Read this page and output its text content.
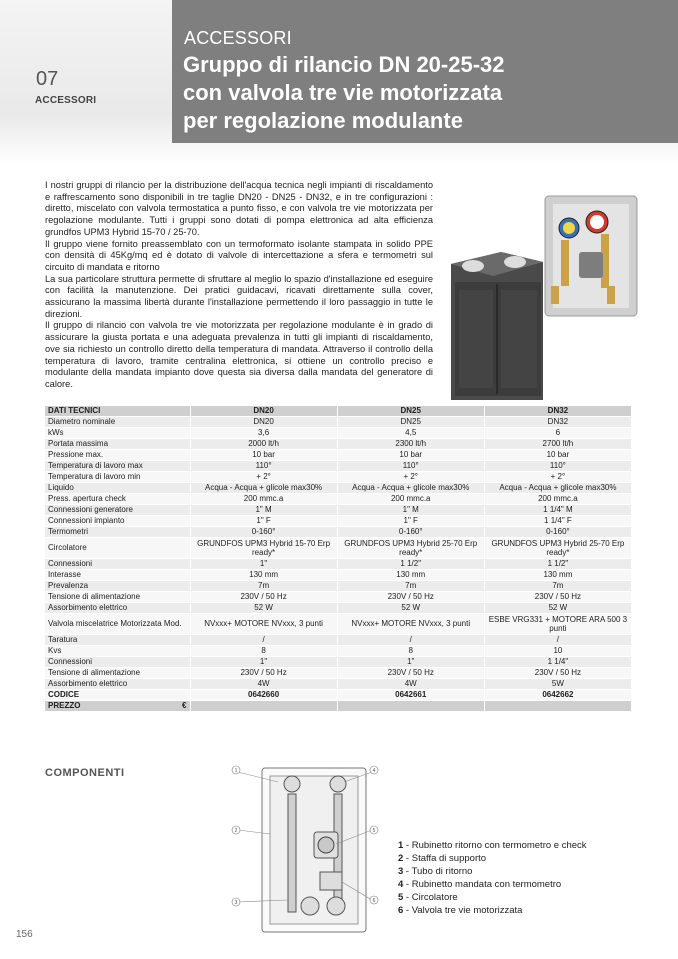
07
ACCESSORI
ACCESSORI
Gruppo di rilancio DN 20-25-32
con valvola tre vie motorizzata
per regolazione modulante

I nostri gruppi di rilancio per la distribuzione dell'acqua tecnica negli impianti di riscaldamento e raffrescamento sono disponibili in tre taglie DN20 - DN25 - DN32, e in tre configurazioni : diretto, miscelato con valvola termostatica a punto fisso, e con valvola tre vie motorizzata per regolazione modulante. Tutti i gruppi sono dotati di pompa elettronica ad alta efficienza grundfos UPM3 Hybrid 15-70 / 25-70.

Il gruppo viene fornito preassemblato con un termoformato isolante stampata in solido PPE con densità di 45Kg/mq ed è dotato di valvole di intercettazione a sfera e termometri sul circuito di mandata e ritorno

La sua particolare struttura permette di sfruttare al meglio lo spazio d'installazione ed eseguire con facilità la manutenzione. Dei pratici guidacavi, ricavati direttamente sulla cover, assicurano la massima libertà durante l'installazione permettendo il loro passaggio in tutte le direzioni.

Il gruppo di rilancio con valvola tre vie motorizzata per regolazione modulante è in grado di assicurare la giusta portata e una adeguata prevalenza in tutti gli impianti di riscaldamento, ove sia richiesto un controllo diretto della temperatura di mandata. Attraverso il controllo della temperatura di lavoro, tramite centralina elettronica, si ottiene un controllo preciso e modulante della mandata impianto dove questa sia diversa dalla mandata del generatore di calore.

DATI TECNICI	DN20	DN25	DN32
Diametro nominale	DN20	DN25	DN32
kWs	3,6	4,5	6
Portata massima	2000 lt/h	2300 lt/h	2700 lt/h
Pressione max.	10 bar	10 bar	10 bar
Temperatura di lavoro max	110°	110°	110°
Temperatura di lavoro min	+ 2°	+ 2°	+ 2°
Liquido	Acqua - Acqua + glicole max30%	Acqua - Acqua + glicole max30%	Acqua - Acqua + glicole max30%
Press. apertura check	200 mmc.a	200 mmc.a	200 mmc.a
Connessioni generatore	1" M	1" M	1 1/4" M
Connessioni impianto	1" F	1" F	1 1/4" F
Termometri	0-160°	0-160°	0-160°
Circolatore	GRUNDFOS UPM3 Hybrid 15-70 Erp ready*	GRUNDFOS UPM3 Hybrid 25-70 Erp ready*	GRUNDFOS UPM3 Hybrid 25-70 Erp ready*
Connessioni	1"	1 1/2"	1 1/2"
Interasse	130 mm	130 mm	130 mm
Prevalenza	7m	7m	7m
Tensione di alimentazione	230V / 50 Hz	230V / 50 Hz	230V / 50 Hz
Assorbimento elettrico	52 W	52 W	52 W
Valvola miscelatrice Motorizzata Mod.	NVxxx+ MOTORE NVxxx, 3 punti	NVxxx+ MOTORE NVxxx, 3 punti	ESBE VRG331 + MOTORE ARA 500 3 punti
Taratura	/	/	/
Kvs	8	8	10
Connessioni	1"	1"	1 1/4"
Tensione di alimentazione	230V / 50 Hz	230V / 50 Hz	230V / 50 Hz
Assorbimento elettrico	4W	4W	5W
CODICE	0642660	0642661	0642662
PREZZO €			

COMPONENTI	1
2
3
4
5
6
1 - Rubinetto ritorno con termometro e check
2 - Staffa di supporto
3 - Tubo di ritorno
4 - Rubinetto mandata con termometro
5 - Circolatore
6 - Valvola tre vie motorizzata
156
